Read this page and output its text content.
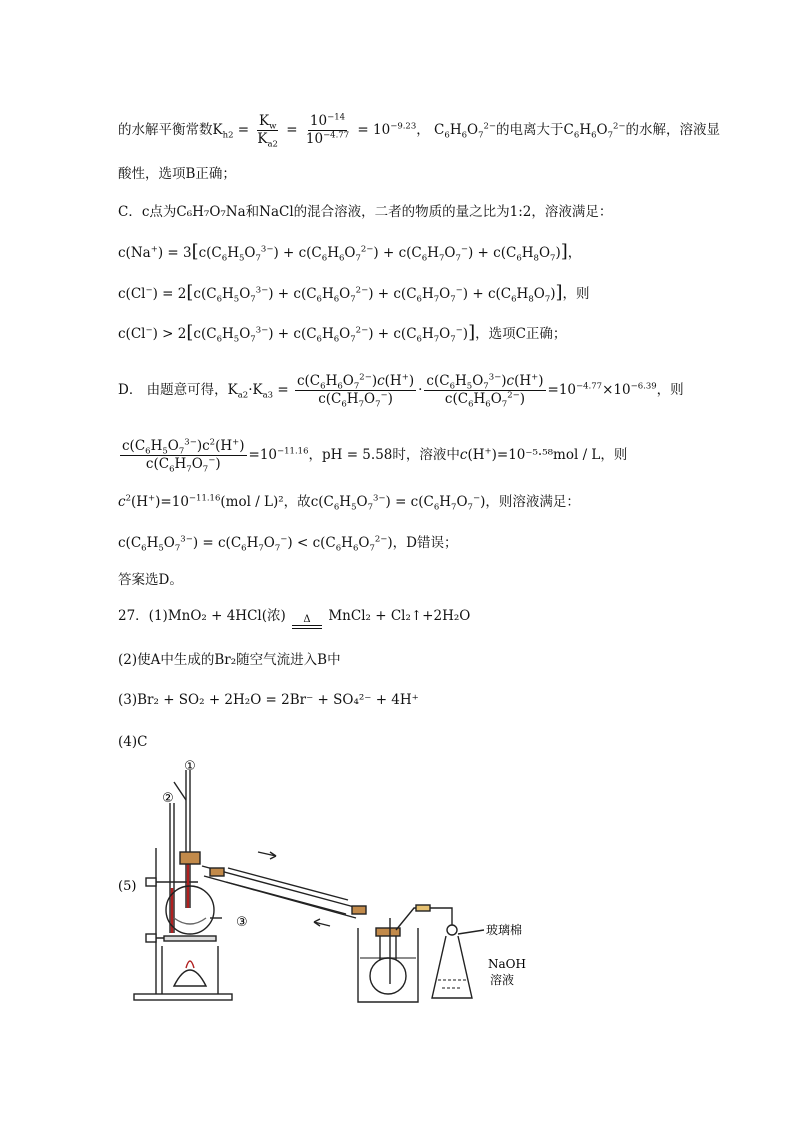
的水解平衡常数$K_{h2} = \frac{K_w}{K_{a2}} = \frac{10^{-14}}{10^{-4.77}} = 10^{-9.23}$， $C_6H_6O_7^{2-}$的电离大于$C_6H_6O_7^{2-}$的水解，溶液显
酸性，选项B正确；
C．c点为C₆H₇O₇Na和NaCl的混合溶液，二者的物质的量之比为1:2，溶液满足：
$c(Na^+) = 3[c(C_6H_5O_7^{3-}) + c(C_6H_6O_7^{2-}) + c(C_6H_7O_7^-) + c(C_6H_8O_7)]$，
$c(Cl^-) = 2[c(C_6H_5O_7^{3-}) + c(C_6H_6O_7^{2-}) + c(C_6H_7O_7^-) + c(C_6H_8O_7)]$，则
$c(Cl^-) > 2[c(C_6H_5O_7^{3-}) + c(C_6H_6O_7^{2-}) + c(C_6H_7O_7^-)]$，选项C正确；
D． 由题意可得，$K_{a2}\cdot K_{a3} = \frac{c(C_6H_6O_7^{2-})c(H^+)}{c(C_6H_7O_7^-)} \cdot \frac{c(C_6H_5O_7^{3-})c(H^+)}{c(C_6H_6O_7^{2-})} =10^{-4.77}\times 10^{-6.39}$，则
$\frac{c(C_6H_5O_7^{3-})c^2(H^+)}{c(C_6H_7O_7^-)} =10^{-11.16}$，pH = 5.58时，溶液中c(H+)=10⁻⁵·⁵⁸mol / L，则
$c^2(H^+)=10^{-11.16}(mol / L)^2$，故$c(C_6H_5O_7^{3-}) = c(C_6H_7O_7^-)$，则溶液满足：
$c(C_6H_5O_7^{3-}) = c(C_6H_7O_7^-) < c(C_6H_6O_7^{2-})$，D错误；
答案选D。
27．(1)MnO₂ + 4HCl(浓) Δ MnCl₂ + Cl₂↑+2H₂O
(2)使A中生成的Br₂随空气流进入B中
(3)Br₂ + SO₂ + 2H₂O = 2Br⁻ + SO₄²⁻ + 4H⁺
(4)C
①
②
③
(5)
玻璃棉
NaOH
溶液
